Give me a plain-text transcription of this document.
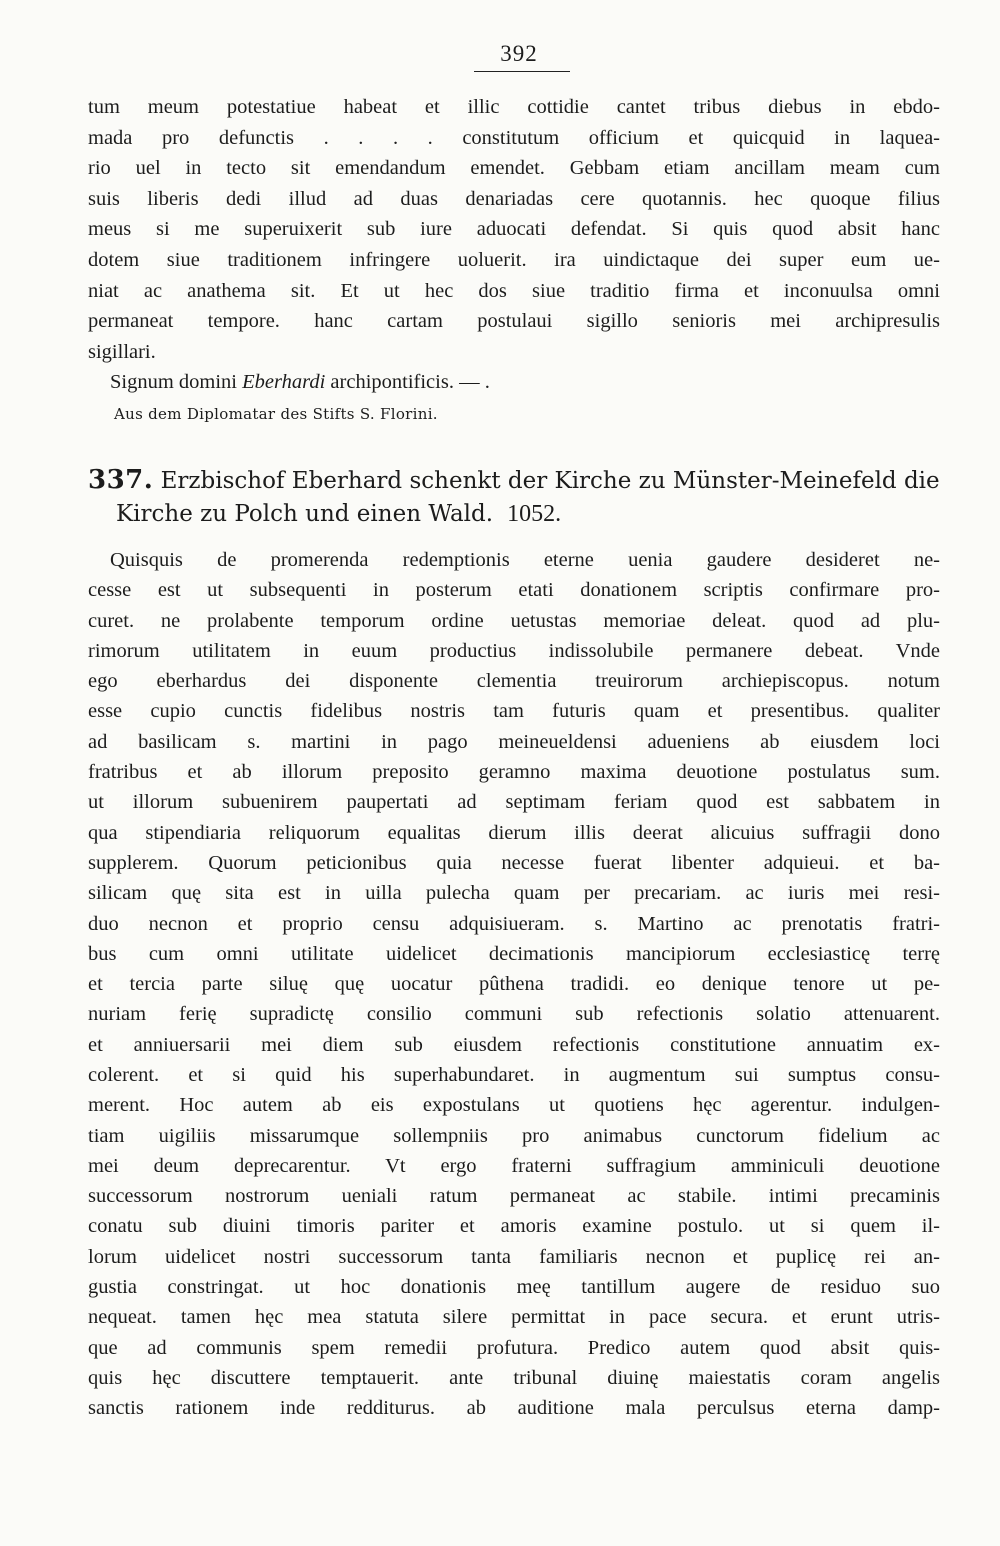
392
tum meum potestatiue habeat et illic cottidie cantet tribus diebus in ebdo-
mada pro defunctis . . . . constitutum officium et quicquid in laquea-
rio uel in tecto sit emendandum emendet. Gebbam etiam ancillam meam cum
suis liberis dedi illud ad duas denariadas cere quotannis. hec quoque filius
meus si me superuixerit sub iure aduocati defendat. Si quis quod absit hanc
dotem siue traditionem infringere uoluerit. ira uindictaque dei super eum ue-
niat ac anathema sit. Et ut hec dos siue traditio firma et inconuulsa omni
permaneat tempore. hanc cartam postulaui sigillo senioris mei archipresulis
sigillari.
Signum domini Eberhardi archipontificis. — .
Aus dem Diplomatar des Stifts S. Florini.
337. Erzbischof Eberhard schenkt der Kirche zu Münster-Meinefeld die
Kirche zu Polch und einen Wald. 1052.
Quisquis de promerenda redemptionis eterne uenia gaudere desideret ne-
cesse est ut subsequenti in posterum etati donationem scriptis confirmare pro-
curet. ne prolabente temporum ordine uetustas memoriae deleat. quod ad plu-
rimorum utilitatem in euum productius indissolubile permanere debeat. Vnde
ego eberhardus dei disponente clementia treuirorum archiepiscopus. notum
esse cupio cunctis fidelibus nostris tam futuris quam et presentibus. qualiter
ad basilicam s. martini in pago meineueldensi adueniens ab eiusdem loci
fratribus et ab illorum preposito geramno maxima deuotione postulatus sum.
ut illorum subuenirem paupertati ad septimam feriam quod est sabbatem in
qua stipendiaria reliquorum equalitas dierum illis deerat alicuius suffragii dono
supplerem. Quorum peticionibus quia necesse fuerat libenter adquieui. et ba-
silicam quę sita est in uilla pulecha quam per precariam. ac iuris mei resi-
duo necnon et proprio censu adquisiueram. s. Martino ac prenotatis fratri-
bus cum omni utilitate uidelicet decimationis mancipiorum ecclesiasticę terrę
et tercia parte siluę quę uocatur pûthena tradidi. eo denique tenore ut pe-
nuriam ferię supradictę consilio communi sub refectionis solatio attenuarent.
et anniuersarii mei diem sub eiusdem refectionis constitutione annuatim ex-
colerent. et si quid his superhabundaret. in augmentum sui sumptus consu-
merent. Hoc autem ab eis expostulans ut quotiens hęc agerentur. indulgen-
tiam uigiliis missarumque sollempniis pro animabus cunctorum fidelium ac
mei deum deprecarentur. Vt ergo fraterni suffragium amminiculi deuotione
successorum nostrorum ueniali ratum permaneat ac stabile. intimi precaminis
conatu sub diuini timoris pariter et amoris examine postulo. ut si quem il-
lorum uidelicet nostri successorum tanta familiaris necnon et puplicę rei an-
gustia constringat. ut hoc donationis meę tantillum augere de residuo suo
nequeat. tamen hęc mea statuta silere permittat in pace secura. et erunt utris-
que ad communis spem remedii profutura. Predico autem quod absit quis-
quis hęc discuttere temptauerit. ante tribunal diuinę maiestatis coram angelis
sanctis rationem inde redditurus. ab auditione mala perculsus eterna damp-
